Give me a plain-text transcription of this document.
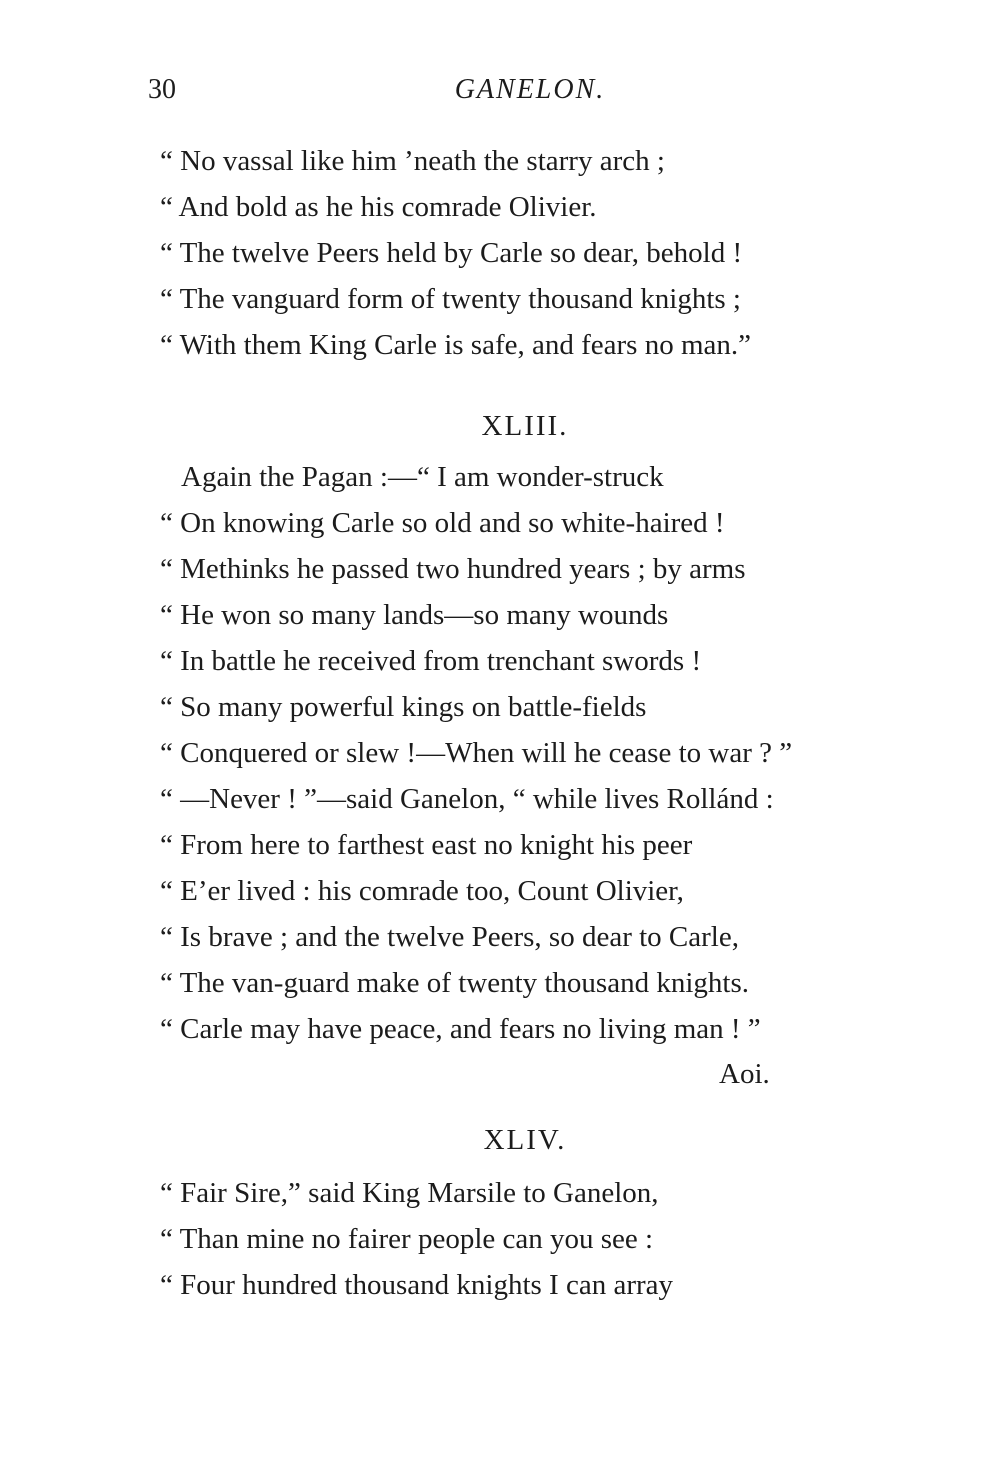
30	GANELON.
“ No vassal like him ’neath the starry arch ;
“ And bold as he his comrade Olivier.
“ The twelve Peers held by Carle so dear, behold !
“ The vanguard form of twenty thousand knights ;
“ With them King Carle is safe, and fears no man.”
XLIII.
Again the Pagan :—“ I am wonder-struck
“ On knowing Carle so old and so white-haired !
“ Methinks he passed two hundred years ; by arms
“ He won so many lands—so many wounds
“ In battle he received from trenchant swords !
“ So many powerful kings on battle-fields
“ Conquered or slew !—When will he cease to war ? ”
“ —Never ! ”—said Ganelon, “ while lives Rollánd :
“ From here to farthest east no knight his peer
“ E’er lived : his comrade too, Count Olivier,
“ Is brave ; and the twelve Peers, so dear to Carle,
“ The van-guard make of twenty thousand knights.
“ Carle may have peace, and fears no living man ! ”
Aoi.
XLIV.
“ Fair Sire,” said King Marsile to Ganelon,
“ Than mine no fairer people can you see :
“ Four hundred thousand knights I can array
